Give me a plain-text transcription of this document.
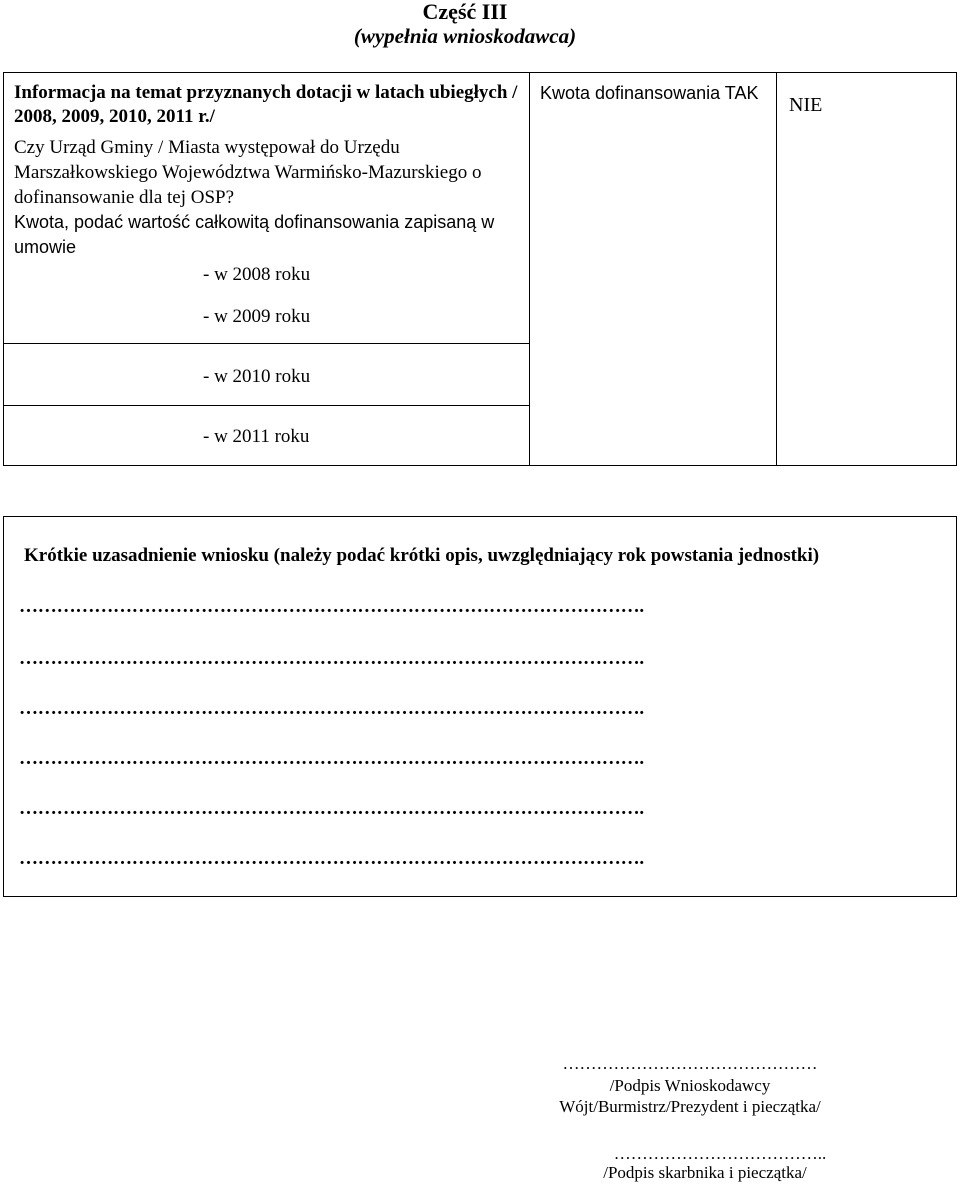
Część III
(wypełnia wnioskodawca)
Informacja na temat przyznanych dotacji w latach ubiegłych / 2008, 2009, 2010, 2011 r./
Czy Urząd Gminy / Miasta występował do Urzędu Marszałkowskiego Województwa Warmińsko-Mazurskiego o dofinansowanie dla tej OSP?
Kwota, podać wartość całkowitą dofinansowania zapisaną w umowie
- w 2008 roku
- w 2009 roku
- w 2010 roku
- w 2011 roku
Kwota dofinansowania TAK
NIE
Krótkie uzasadnienie wniosku (należy podać krótki opis, uwzględniający rok powstania jednostki)
……………………………………………………………………………………….
……………………………………………………………………………………….
……………………………………………………………………………………….
……………………………………………………………………………………….
……………………………………………………………………………………….
……………………………………………………………………………………….
………………………………………
/Podpis Wnioskodawcy
Wójt/Burmistrz/Prezydent i pieczątka/
………………………………..
/Podpis skarbnika i pieczątka/
